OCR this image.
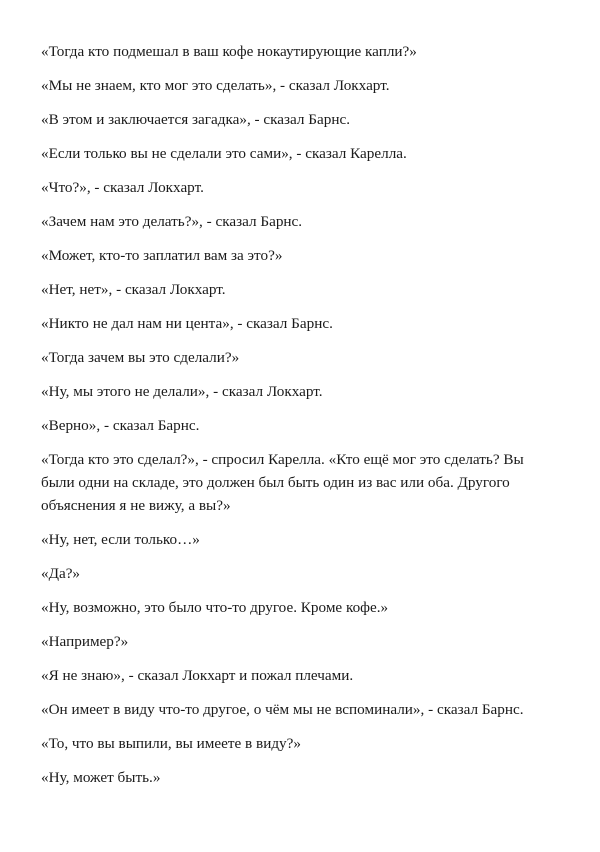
«Тогда кто подмешал в ваш кофе нокаутирующие капли?»

«Мы не знаем, кто мог это сделать», - сказал Локхарт.

«В этом и заключается загадка», - сказал Барнс.

«Если только вы не сделали это сами», - сказал Карелла.

«Что?», - сказал Локхарт.

«Зачем нам это делать?», - сказал Барнс.

«Может, кто-то заплатил вам за это?»

«Нет, нет», - сказал Локхарт.

«Никто не дал нам ни цента», - сказал Барнс.

«Тогда зачем вы это сделали?»

«Ну, мы этого не делали», - сказал Локхарт.

«Верно», - сказал Барнс.

«Тогда кто это сделал?», - спросил Карелла. «Кто ещё мог это сделать? Вы были одни на складе, это должен был быть один из вас или оба. Другого объяснения я не вижу, а вы?»

«Ну, нет, если только…»

«Да?»

«Ну, возможно, это было что-то другое. Кроме кофе.»

«Например?»

«Я не знаю», - сказал Локхарт и пожал плечами.

«Он имеет в виду что-то другое, о чём мы не вспоминали», - сказал Барнс.

«То, что вы выпили, вы имеете в виду?»

«Ну, может быть.»
